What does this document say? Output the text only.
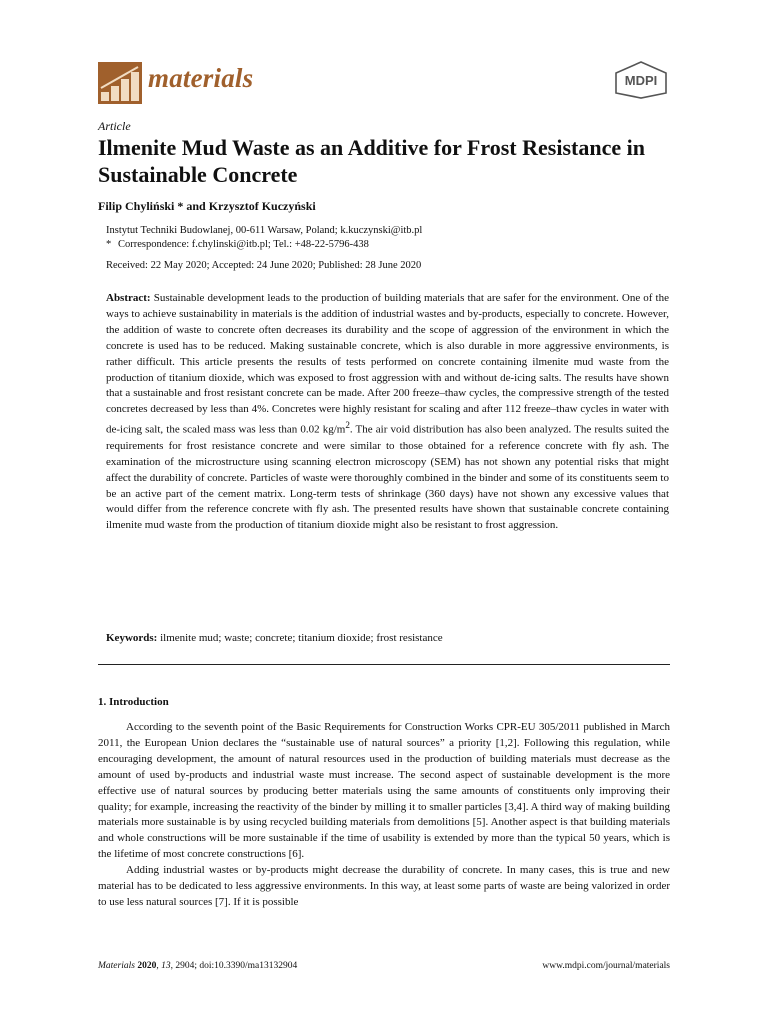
materials	MDPI
Article
Ilmenite Mud Waste as an Additive for Frost Resistance in Sustainable Concrete
Filip Chyliński * and Krzysztof Kuczyński
Instytut Techniki Budowlanej, 00-611 Warsaw, Poland; k.kuczynski@itb.pl
* Correspondence: f.chylinski@itb.pl; Tel.: +48-22-5796-438
Received: 22 May 2020; Accepted: 24 June 2020; Published: 28 June 2020

Abstract: Sustainable development leads to the production of building materials that are safer for the environment. One of the ways to achieve sustainability in materials is the addition of industrial wastes and by-products, especially to concrete. However, the addition of waste to concrete often decreases its durability and the scope of aggression of the environment in which the concrete is used has to be reduced. Making sustainable concrete, which is also durable in more aggressive environments, is rather difficult. This article presents the results of tests performed on concrete containing ilmenite mud waste from the production of titanium dioxide, which was exposed to frost aggression with and without de-icing salts. The results have shown that a sustainable and frost resistant concrete can be made. After 200 freeze–thaw cycles, the compressive strength of the tested concretes decreased by less than 4%. Concretes were highly resistant for scaling and after 112 freeze–thaw cycles in water with de-icing salt, the scaled mass was less than 0.02 $kg/m^2$. The air void distribution has also been analyzed. The results suited the requirements for frost resistance concrete and were similar to those obtained for a reference concrete with fly ash. The examination of the microstructure using scanning electron microscopy (SEM) has not shown any potential risks that might affect the durability of concrete. Particles of waste were thoroughly combined in the binder and some of its constituents seem to be an active part of the cement matrix. Long-term tests of shrinkage (360 days) have not shown any excessive values that would differ from the reference concrete with fly ash. The presented results have shown that sustainable concrete containing ilmenite mud waste from the production of titanium dioxide might also be resistant to frost aggression.

Keywords: ilmenite mud; waste; concrete; titanium dioxide; frost resistance
1. Introduction

According to the seventh point of the Basic Requirements for Construction Works CPR-EU 305/2011 published in March 2011, the European Union declares the “sustainable use of natural sources” a priority [1,2]. Following this regulation, while encouraging development, the amount of natural resources used in the production of building materials must decrease as the amount of used by-products and industrial waste must increase. The second aspect of sustainable development is the more effective use of natural sources by producing better materials using the same amounts of constituents only improving their quality; for example, increasing the reactivity of the binder by milling it to smaller particles [3,4]. A third way of making building materials more sustainable is by using recycled building materials from demolitions [5]. Another aspect is that building materials and whole constructions will be more sustainable if the time of usability is extended by more than the typical 50 years, which is the lifetime of most concrete constructions [6].

Adding industrial wastes or by-products might decrease the durability of concrete. In many cases, this is true and new material has to be dedicated to less aggressive environments. In this way, at least some parts of waste are being valorized in order to use less natural sources [7]. If it is possible

Materials 2020, 13, 2904; doi:10.3390/ma13132904	www.mdpi.com/journal/materials
